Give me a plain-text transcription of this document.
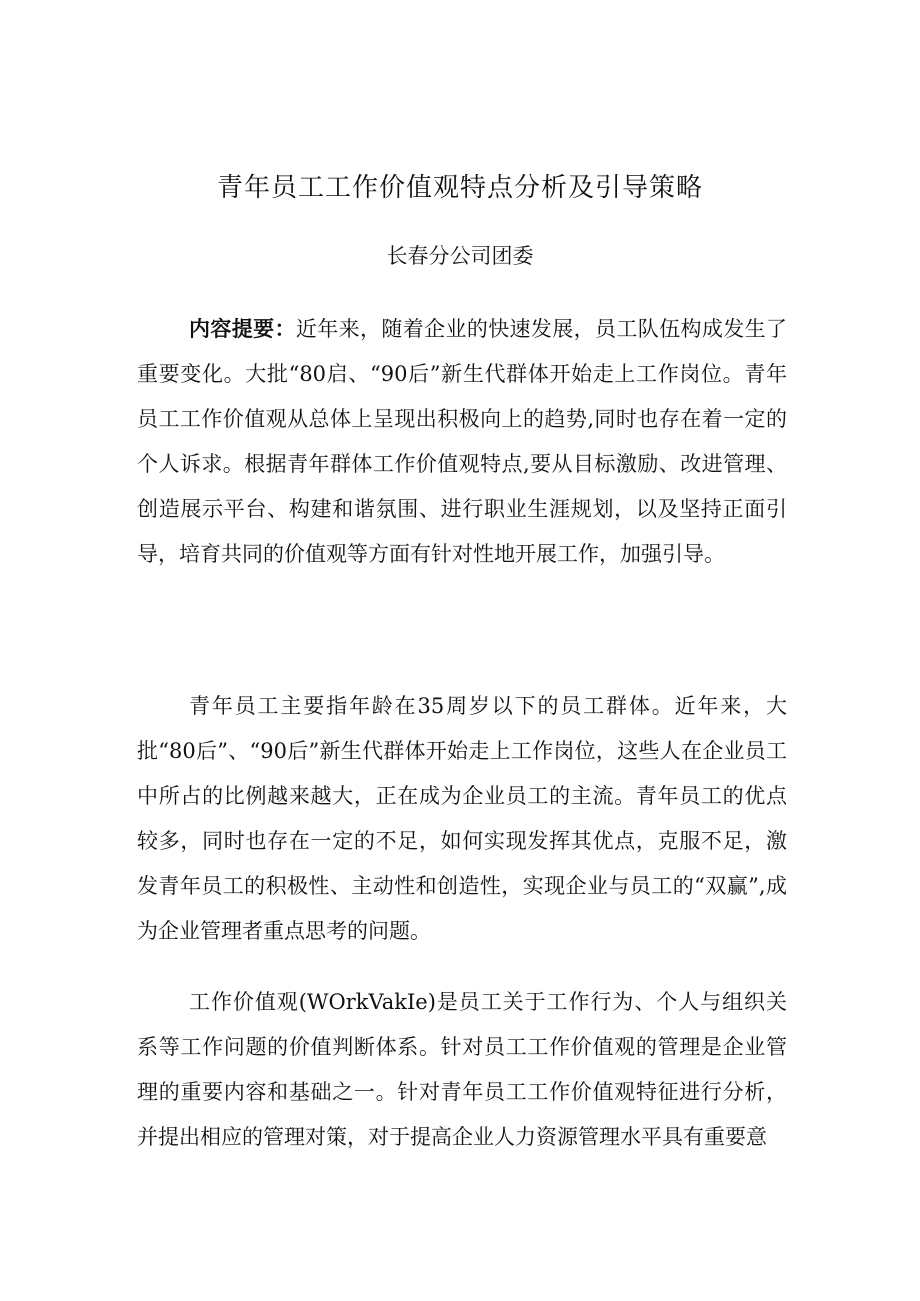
青年员工工作价值观特点分析及引导策略
长春分公司团委

内容提要：近年来，随着企业的快速发展，员工队伍构成发生了重要变化。大批“80启、“90后”新生代群体开始走上工作岗位。青年员工工作价值观从总体上呈现出积极向上的趋势,同时也存在着一定的个人诉求。根据青年群体工作价值观特点,要从目标激励、改进管理、创造展示平台、构建和谐氛围、进行职业生涯规划，以及坚持正面引导，培育共同的价值观等方面有针对性地开展工作，加强引导。

青年员工主要指年龄在35周岁以下的员工群体。近年来，大批“80后”、“90后”新生代群体开始走上工作岗位，这些人在企业员工中所占的比例越来越大，正在成为企业员工的主流。青年员工的优点较多，同时也存在一定的不足，如何实现发挥其优点，克服不足，激发青年员工的积极性、主动性和创造性，实现企业与员工的“双赢”,成为企业管理者重点思考的问题。

工作价值观(WOrkVakIe)是员工关于工作行为、个人与组织关系等工作问题的价值判断体系。针对员工工作价值观的管理是企业管理的重要内容和基础之一。针对青年员工工作价值观特征进行分析，并提出相应的管理对策，对于提高企业人力资源管理水平具有重要意
